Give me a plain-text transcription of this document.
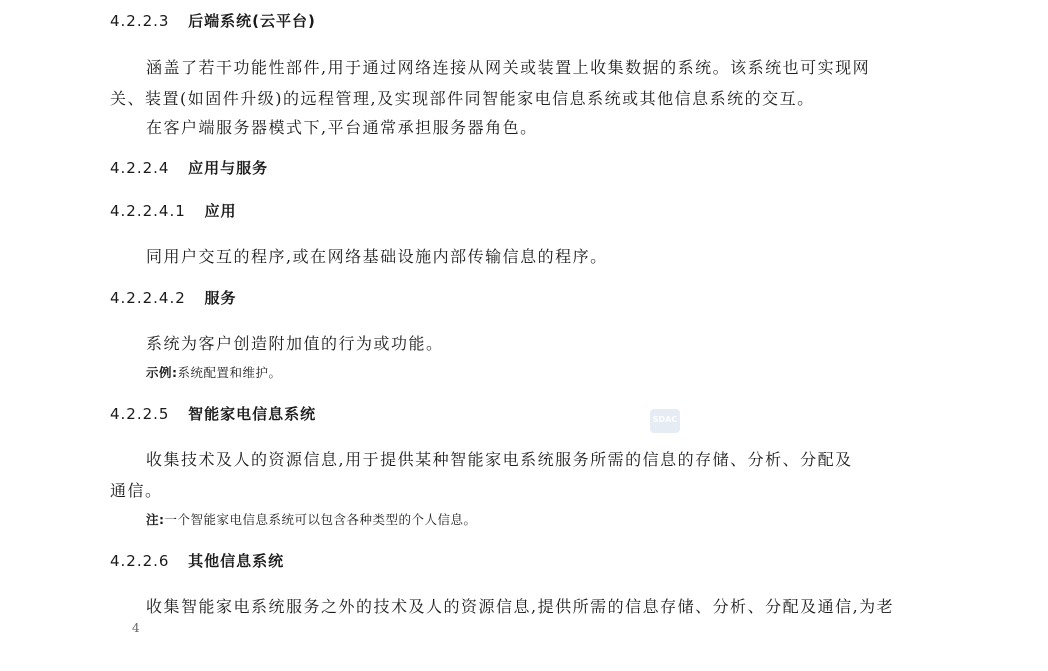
4.2.2.3 后端系统(云平台)
涵盖了若干功能性部件,用于通过网络连接从网关或装置上收集数据的系统。该系统也可实现网
关、装置(如固件升级)的远程管理,及实现部件同智能家电信息系统或其他信息系统的交互。
在客户端服务器模式下,平台通常承担服务器角色。
4.2.2.4 应用与服务
4.2.2.4.1 应用
同用户交互的程序,或在网络基础设施内部传输信息的程序。
4.2.2.4.2 服务
系统为客户创造附加值的行为或功能。
示例:系统配置和维护。
4.2.2.5 智能家电信息系统	SDAC
收集技术及人的资源信息,用于提供某种智能家电系统服务所需的信息的存储、分析、分配及
通信。
注:一个智能家电信息系统可以包含各种类型的个人信息。
4.2.2.6 其他信息系统
收集智能家电系统服务之外的技术及人的资源信息,提供所需的信息存储、分析、分配及通信,为老
4
